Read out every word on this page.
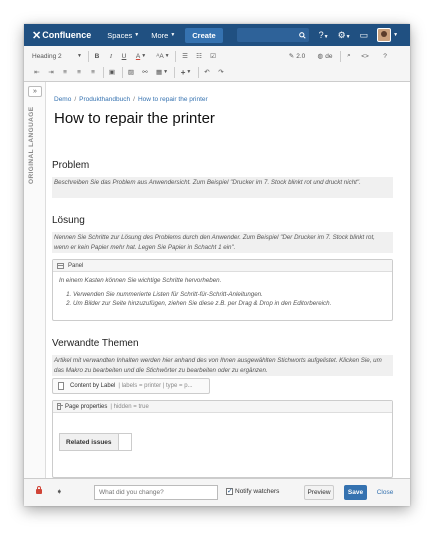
✕ Confluence Spaces ▼ More ▼	Create	?▼ ⚙▼ ▭	▼
Heading 2	▼	B	I	U	A ▼ ᴬA ▼	☰	☷	☑	✎ 2.0 ◍ de	⌕	<>	?
⇤	⇥	≡	≡	≡	▣ ▨	⚯	▦ ▼ + ▼	↶	↷
»
ORIGINAL LANGUAGE
Demo / Produkthandbuch / How to repair the printer
How to repair the printer
Problem
Beschreiben Sie das Problem aus Anwendersicht. Zum Beispiel "Drucker im 7. Stock blinkt rot und druckt nicht".
Lösung
Nennen Sie Schritte zur Lösung des Problems durch den Anwender. Zum Beispiel "Der Drucker im 7. Stock blinkt rot, wenn er kein Papier mehr hat. Legen Sie Papier in Schacht 1 ein".
Panel
In einem Kasten können Sie wichtige Schritte hervorheben.
1. Verwenden Sie nummerierte Listen für Schritt-für-Schritt-Anleitungen.
2. Um Bilder zur Seite hinzuzufügen, ziehen Sie diese z.B. per Drag & Drop in den Editorbereich.
Verwandte Themen
Artikel mit verwandten Inhalten werden hier anhand des von Ihnen ausgewählten Stichworts aufgelistet. Klicken Sie, um das Makro zu bearbeiten und die Stichwörter zu bearbeiten oder zu ergänzen.
Content by Label | labels = printer | type = p...
Page properties | hidden = true
Related issues
➧
What did you change?
✓	Notify watchers	Preview	Save	Close
